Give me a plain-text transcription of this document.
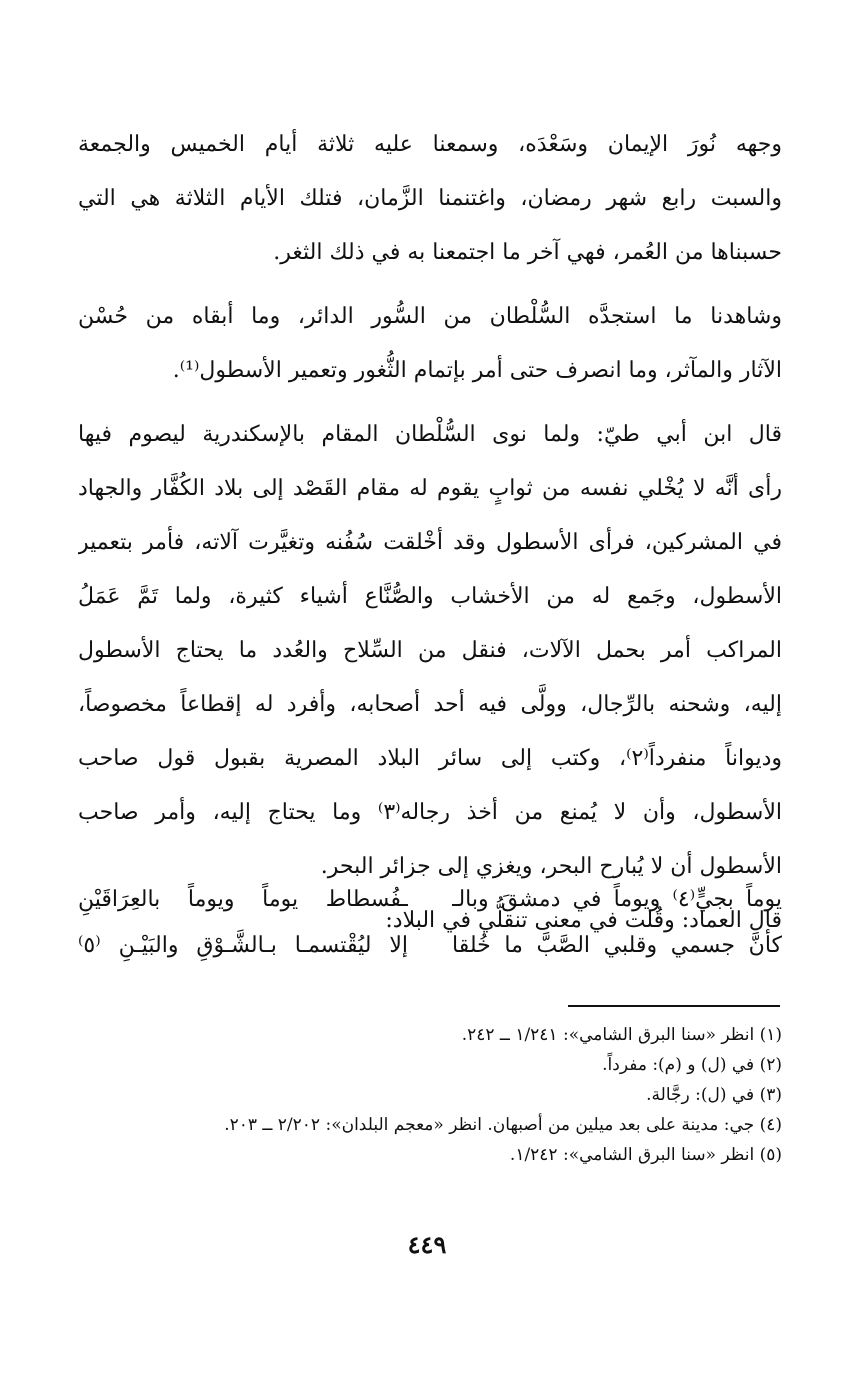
وجهه نُورَ الإيمان وسَعْدَه، وسمعنا عليه ثلاثة أيام الخميس والجمعة
والسبت رابع شهر رمضان، واغتنمنا الزَّمان، فتلك الأيام الثلاثة هي التي
حسبناها من العُمر، فهي آخر ما اجتمعنا به في ذلك الثغر.

وشاهدنا ما استجدَّه السُّلْطان من السُّور الدائر، وما أبقاه من حُسْن
الآثار والمآثر، وما انصرف حتى أمر بإتمام الثُّغور وتعمير الأسطول⁽¹⁾.

قال ابن أبي طيّ: ولما نوى السُّلْطان المقام بالإسكندرية ليصوم فيها
رأى أنَّه لا يُخْلي نفسه من ثوابٍ يقوم له مقام القَصْد إلى بلاد الكُفَّار والجهاد
في المشركين، فرأى الأسطول وقد أخْلقت سُفُنه وتغيَّرت آلاته، فأمر بتعمير
الأسطول، وجَمع له من الأخشاب والصُّنَّاع أشياء كثيرة، ولما تَمَّ عَمَلُ
المراكب أمر بحمل الآلات، فنقل من السِّلاح والعُدد ما يحتاج الأسطول
إليه، وشحنه بالرِّجال، وولَّى فيه أحد أصحابه، وأفرد له إقطاعاً مخصوصاً،
وديواناً منفرداً⁽٢⁾، وكتب إلى سائر البلاد المصرية بقبول قول صاحب
الأسطول، وأن لا يُمنع من أخذ رجاله⁽٣⁾ وما يحتاج إليه، وأمر صاحب
الأسطول أن لا يُبارح البحر، ويغزي إلى جزائر البحر.

قال العماد: وقُلت في معنى تنقلُّي في البلاد:

يوماً بجيٍّ⁽٤⁾ ويوماً في دمشقَ وبالـ
ـفُسطاط يوماً ويوماً بالعِرَاقَيْنِ
كأنَّ جسمي وقلبي الصَّبَّ ما خُلقا
إلا ليُقْتسمـا بـالشَّـوْقِ والبَيْـنِ ⁽٥⁾
(١) انظر «سنا البرق الشامي»: ١/٢٤١ ــ ٢٤٢.
(٢) في (ل) و (م): مفرداً.
(٣) في (ل): رجَّالة.
(٤) جي: مدينة على بعد ميلين من أصبهان. انظر «معجم البلدان»: ٢/٢٠٢ ــ ٢٠٣.
(٥) انظر «سنا البرق الشامي»: ١/٢٤٢.
٤٤٩
